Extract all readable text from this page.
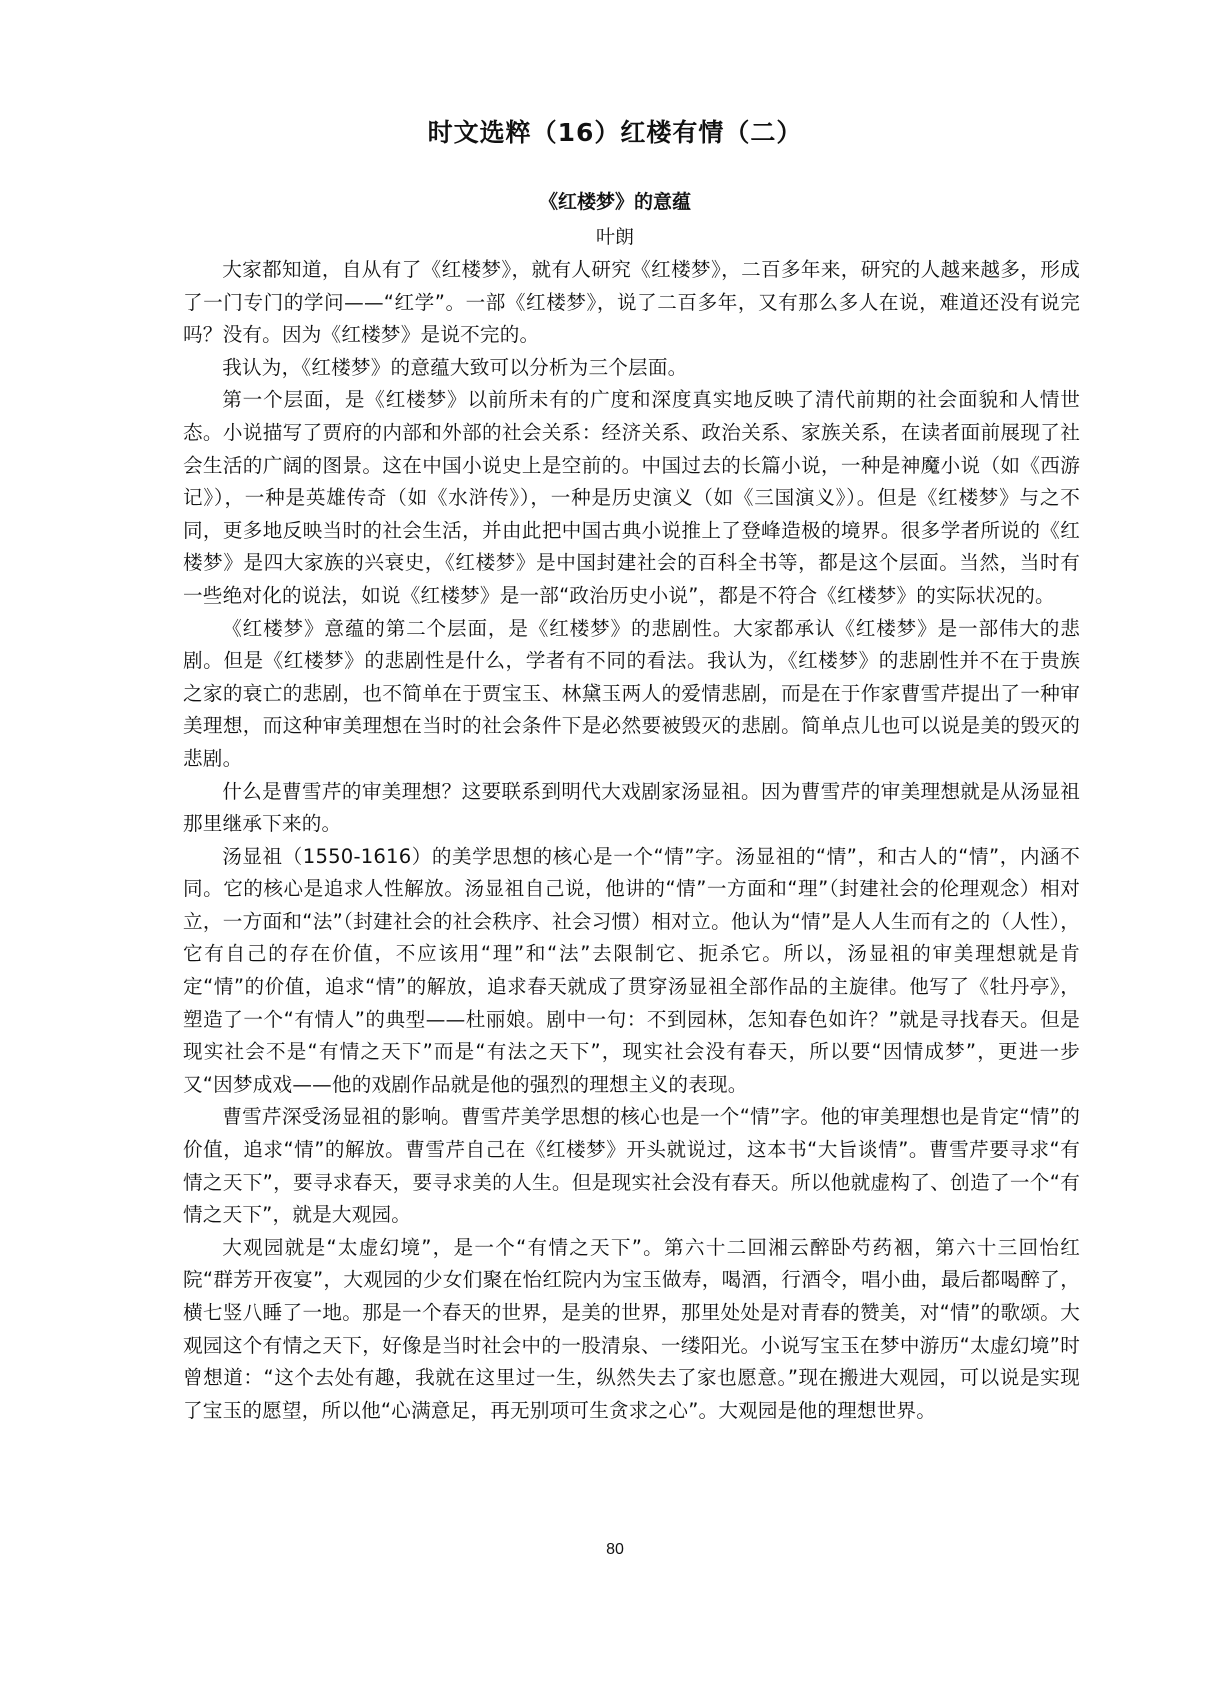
时文选粹（16）红楼有情（二）
《红楼梦》的意蕴
叶朗

大家都知道，自从有了《红楼梦》，就有人研究《红楼梦》，二百多年来，研究的人越来越多，形成了一门专门的学问——“红学”。一部《红楼梦》，说了二百多年，又有那么多人在说，难道还没有说完吗？没有。因为《红楼梦》是说不完的。

我认为，《红楼梦》的意蕴大致可以分析为三个层面。

第一个层面，是《红楼梦》以前所未有的广度和深度真实地反映了清代前期的社会面貌和人情世态。小说描写了贾府的内部和外部的社会关系：经济关系、政治关系、家族关系，在读者面前展现了社会生活的广阔的图景。这在中国小说史上是空前的。中国过去的长篇小说，一种是神魔小说（如《西游记》），一种是英雄传奇（如《水浒传》），一种是历史演义（如《三国演义》）。但是《红楼梦》与之不同，更多地反映当时的社会生活，并由此把中国古典小说推上了登峰造极的境界。很多学者所说的《红楼梦》是四大家族的兴衰史，《红楼梦》是中国封建社会的百科全书等，都是这个层面。当然，当时有一些绝对化的说法，如说《红楼梦》是一部“政治历史小说”，都是不符合《红楼梦》的实际状况的。

《红楼梦》意蕴的第二个层面，是《红楼梦》的悲剧性。大家都承认《红楼梦》是一部伟大的悲剧。但是《红楼梦》的悲剧性是什么，学者有不同的看法。我认为，《红楼梦》的悲剧性并不在于贵族之家的衰亡的悲剧，也不简单在于贾宝玉、林黛玉两人的爱情悲剧，而是在于作家曹雪芹提出了一种审美理想，而这种审美理想在当时的社会条件下是必然要被毁灭的悲剧。简单点儿也可以说是美的毁灭的悲剧。

什么是曹雪芹的审美理想？这要联系到明代大戏剧家汤显祖。因为曹雪芹的审美理想就是从汤显祖那里继承下来的。

汤显祖（1550-1616）的美学思想的核心是一个“情”字。汤显祖的“情”，和古人的“情”，内涵不同。它的核心是追求人性解放。汤显祖自己说，他讲的“情”一方面和“理”（封建社会的伦理观念）相对立，一方面和“法”（封建社会的社会秩序、社会习惯）相对立。他认为“情”是人人生而有之的（人性），它有自己的存在价值，不应该用“理”和“法”去限制它、扼杀它。所以，汤显祖的审美理想就是肯定“情”的价值，追求“情”的解放，追求春天就成了贯穿汤显祖全部作品的主旋律。他写了《牡丹亭》，塑造了一个“有情人”的典型——杜丽娘。剧中一句：不到园林，怎知春色如许？”就是寻找春天。但是现实社会不是“有情之天下”而是“有法之天下”，现实社会没有春天，所以要“因情成梦”，更进一步又“因梦成戏——他的戏剧作品就是他的强烈的理想主义的表现。

曹雪芹深受汤显祖的影响。曹雪芹美学思想的核心也是一个“情”字。他的审美理想也是肯定“情”的价值，追求“情”的解放。曹雪芹自己在《红楼梦》开头就说过，这本书“大旨谈情”。曹雪芹要寻求“有情之天下”，要寻求春天，要寻求美的人生。但是现实社会没有春天。所以他就虚构了、创造了一个“有情之天下”，就是大观园。

大观园就是“太虚幻境”，是一个“有情之天下”。第六十二回湘云醉卧芍药裀，第六十三回怡红院“群芳开夜宴”，大观园的少女们聚在怡红院内为宝玉做寿，喝酒，行酒令，唱小曲，最后都喝醉了，横七竖八睡了一地。那是一个春天的世界，是美的世界，那里处处是对青春的赞美，对“情”的歌颂。大观园这个有情之天下，好像是当时社会中的一股清泉、一缕阳光。小说写宝玉在梦中游历“太虚幻境”时曾想道：“这个去处有趣，我就在这里过一生，纵然失去了家也愿意。”现在搬进大观园，可以说是实现了宝玉的愿望，所以他“心满意足，再无别项可生贪求之心”。大观园是他的理想世界。

80
